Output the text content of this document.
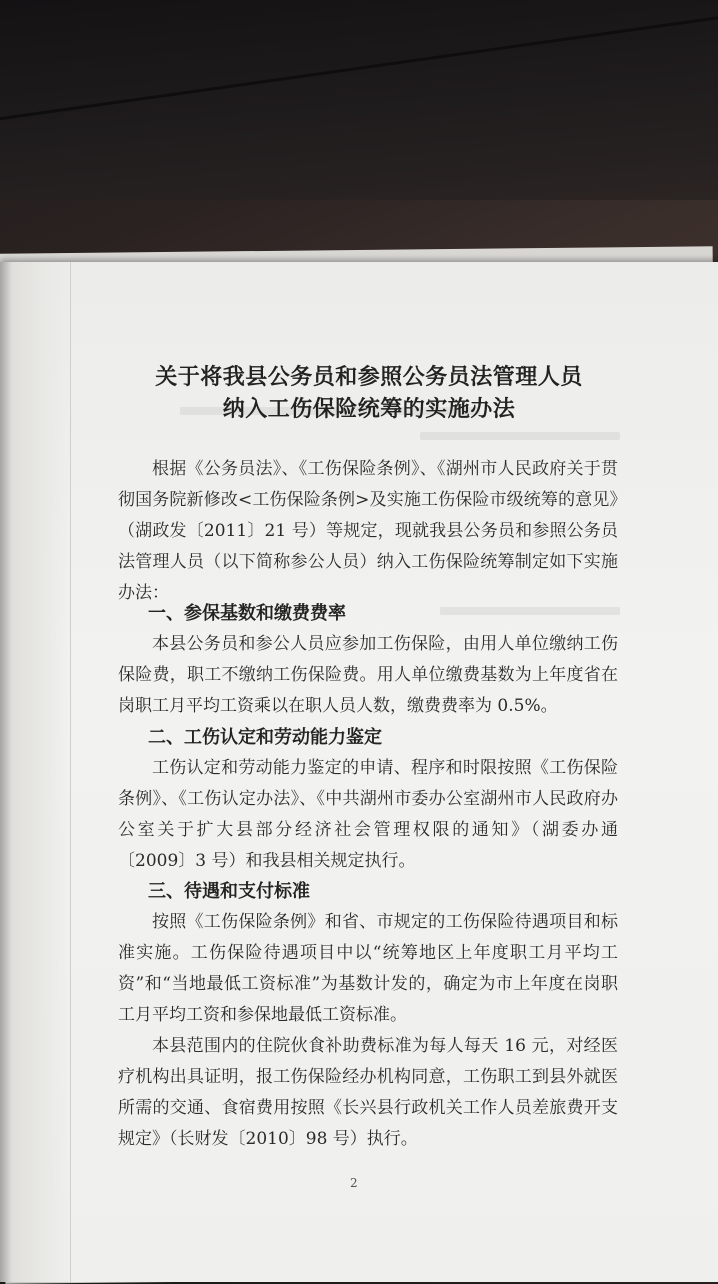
关于将我县公务员和参照公务员法管理人员
纳入工伤保险统筹的实施办法

根据《公务员法》、《工伤保险条例》、《湖州市人民政府关于贯彻国务院新修改<工伤保险条例>及实施工伤保险市级统筹的意见》（湖政发〔2011〕21 号）等规定，现就我县公务员和参照公务员法管理人员（以下简称参公人员）纳入工伤保险统筹制定如下实施办法：

一、参保基数和缴费费率

本县公务员和参公人员应参加工伤保险，由用人单位缴纳工伤保险费，职工不缴纳工伤保险费。用人单位缴费基数为上年度省在岗职工月平均工资乘以在职人员人数，缴费费率为 0.5%。

二、工伤认定和劳动能力鉴定

工伤认定和劳动能力鉴定的申请、程序和时限按照《工伤保险条例》、《工伤认定办法》、《中共湖州市委办公室湖州市人民政府办公室关于扩大县部分经济社会管理权限的通知》（湖委办通〔2009〕3 号）和我县相关规定执行。

三、待遇和支付标准

按照《工伤保险条例》和省、市规定的工伤保险待遇项目和标准实施。工伤保险待遇项目中以“统筹地区上年度职工月平均工资”和“当地最低工资标准”为基数计发的，确定为市上年度在岗职工月平均工资和参保地最低工资标准。

本县范围内的住院伙食补助费标准为每人每天 16 元，对经医疗机构出具证明，报工伤保险经办机构同意，工伤职工到县外就医所需的交通、食宿费用按照《长兴县行政机关工作人员差旅费开支规定》（长财发〔2010〕98 号）执行。

2
